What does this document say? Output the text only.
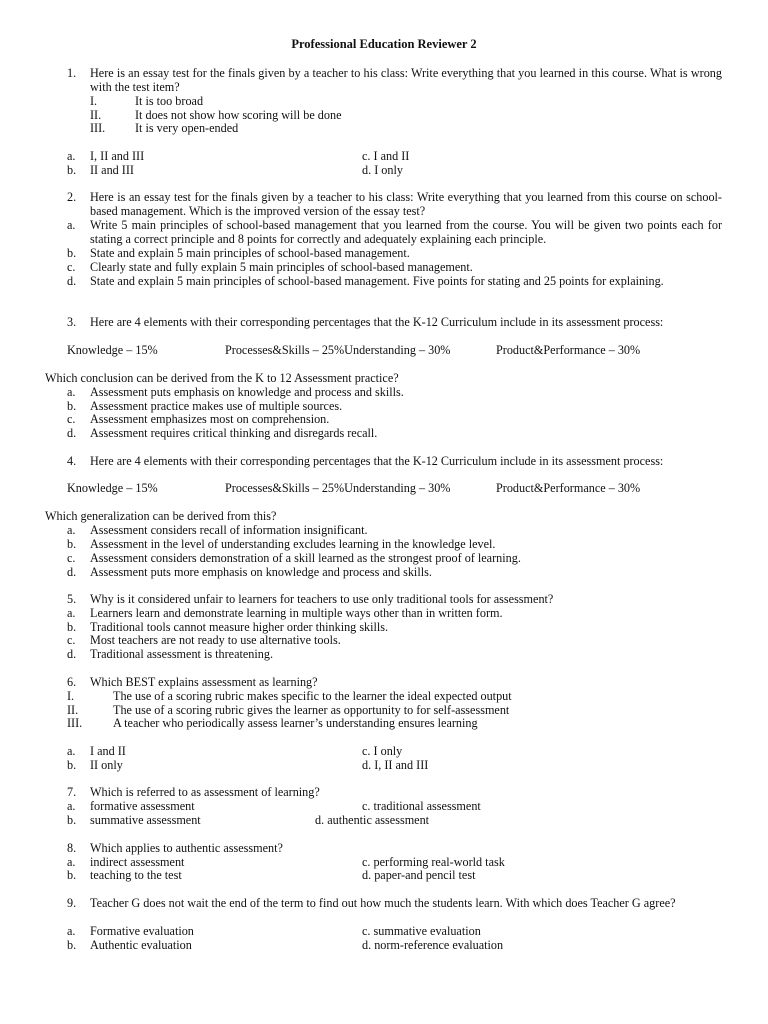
Professional Education Reviewer 2
1. Here is an essay test for the finals given by a teacher to his class: Write everything that you learned in this course. What is wrong with the test item?
I.	It is too broad
II.	It does not show how scoring will be done
III. It is very open-ended
a. I, II and III	c. I and II
b. II and III	d. I only
2. Here is an essay test for the finals given by a teacher to his class: Write everything that you learned from this course on school-based management. Which is the improved version of the essay test?
a. Write 5 main principles of school-based management that you learned from the course. You will be given two points each for stating a correct principle and 8 points for correctly and adequately explaining each principle.
b. State and explain 5 main principles of school-based management.
c. Clearly state and fully explain 5 main principles of school-based management.
d. State and explain 5 main principles of school-based management. Five points for stating and 25 points for explaining.
3. Here are 4 elements with their corresponding percentages that the K-12 Curriculum include in its assessment process:
Knowledge – 15%	Processes&Skills – 25%Understanding – 30%	Product&Performance – 30%
Which conclusion can be derived from the K to 12 Assessment practice?
a. Assessment puts emphasis on knowledge and process and skills.
b. Assessment practice makes use of multiple sources.
c. Assessment emphasizes most on comprehension.
d. Assessment requires critical thinking and disregards recall.
4. Here are 4 elements with their corresponding percentages that the K-12 Curriculum include in its assessment process:
Knowledge – 15%	Processes&Skills – 25%Understanding – 30%	Product&Performance – 30%
Which generalization can be derived from this?
a. Assessment considers recall of information insignificant.
b. Assessment in the level of understanding excludes learning in the knowledge level.
c. Assessment considers demonstration of a skill learned as the strongest proof of learning.
d. Assessment puts more emphasis on knowledge and process and skills.
5. Why is it considered unfair to learners for teachers to use only traditional tools for assessment?
a. Learners learn and demonstrate learning in multiple ways other than in written form.
b. Traditional tools cannot measure higher order thinking skills.
c. Most teachers are not ready to use alternative tools.
d. Traditional assessment is threatening.
6. Which BEST explains assessment as learning?
I.	The use of a scoring rubric makes specific to the learner the ideal expected output
II.	The use of a scoring rubric gives the learner as opportunity to for self-assessment
III.	A teacher who periodically assess learner’s understanding ensures learning
a. I and II	c. I only
b. II only	d. I, II and III
7. Which is referred to as assessment of learning?
a. formative assessment	c. traditional assessment
b. summative assessment	d. authentic assessment
8. Which applies to authentic assessment?
a. indirect assessment	c. performing real-world task
b. teaching to the test	d. paper-and pencil test
9. Teacher G does not wait the end of the term to find out how much the students learn. With which does Teacher G agree?
a. Formative evaluation	c. summative evaluation
b. Authentic evaluation	d. norm-reference evaluation
